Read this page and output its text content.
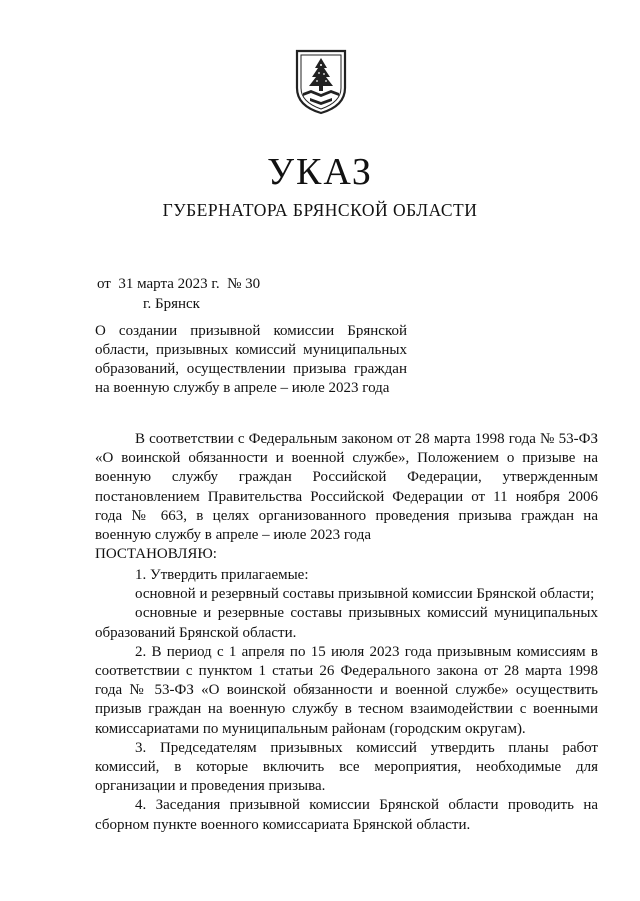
УКАЗ
ГУБЕРНАТОРА БРЯНСКОЙ ОБЛАСТИ
от  31 марта 2023 г.  № 30
г. Брянск
О создании призывной комиссии Брянской
области, призывных комиссий муниципальных
образований, осуществлении призыва граждан
на военную службу в апреле – июле 2023 года

В соответствии с Федеральным законом от 28 марта 1998 года № 53-ФЗ «О воинской обязанности и военной службе», Положением о призыве на военную службу граждан Российской Федерации, утвержденным постановлением Правительства Российской Федерации от 11 ноября 2006 года № 663, в целях организованного проведения призыва граждан на военную службу в апреле – июле 2023 года

ПОСТАНОВЛЯЮ:

1. Утвердить прилагаемые:

основной и резервный составы призывной комиссии Брянской области;

основные и резервные составы призывных комиссий муниципальных образований Брянской области.

2. В период с 1 апреля по 15 июля 2023 года призывным комиссиям в соответствии с пунктом 1 статьи 26 Федерального закона от 28 марта 1998 года № 53-ФЗ «О воинской обязанности и военной службе» осуществить призыв граждан на военную службу в тесном взаимодействии с военными комиссариатами по муниципальным районам (городским округам).

3. Председателям призывных комиссий утвердить планы работ комиссий, в которые включить все мероприятия, необходимые для организации и проведения призыва.

4. Заседания призывной комиссии Брянской области проводить на сборном пункте военного комиссариата Брянской области.
